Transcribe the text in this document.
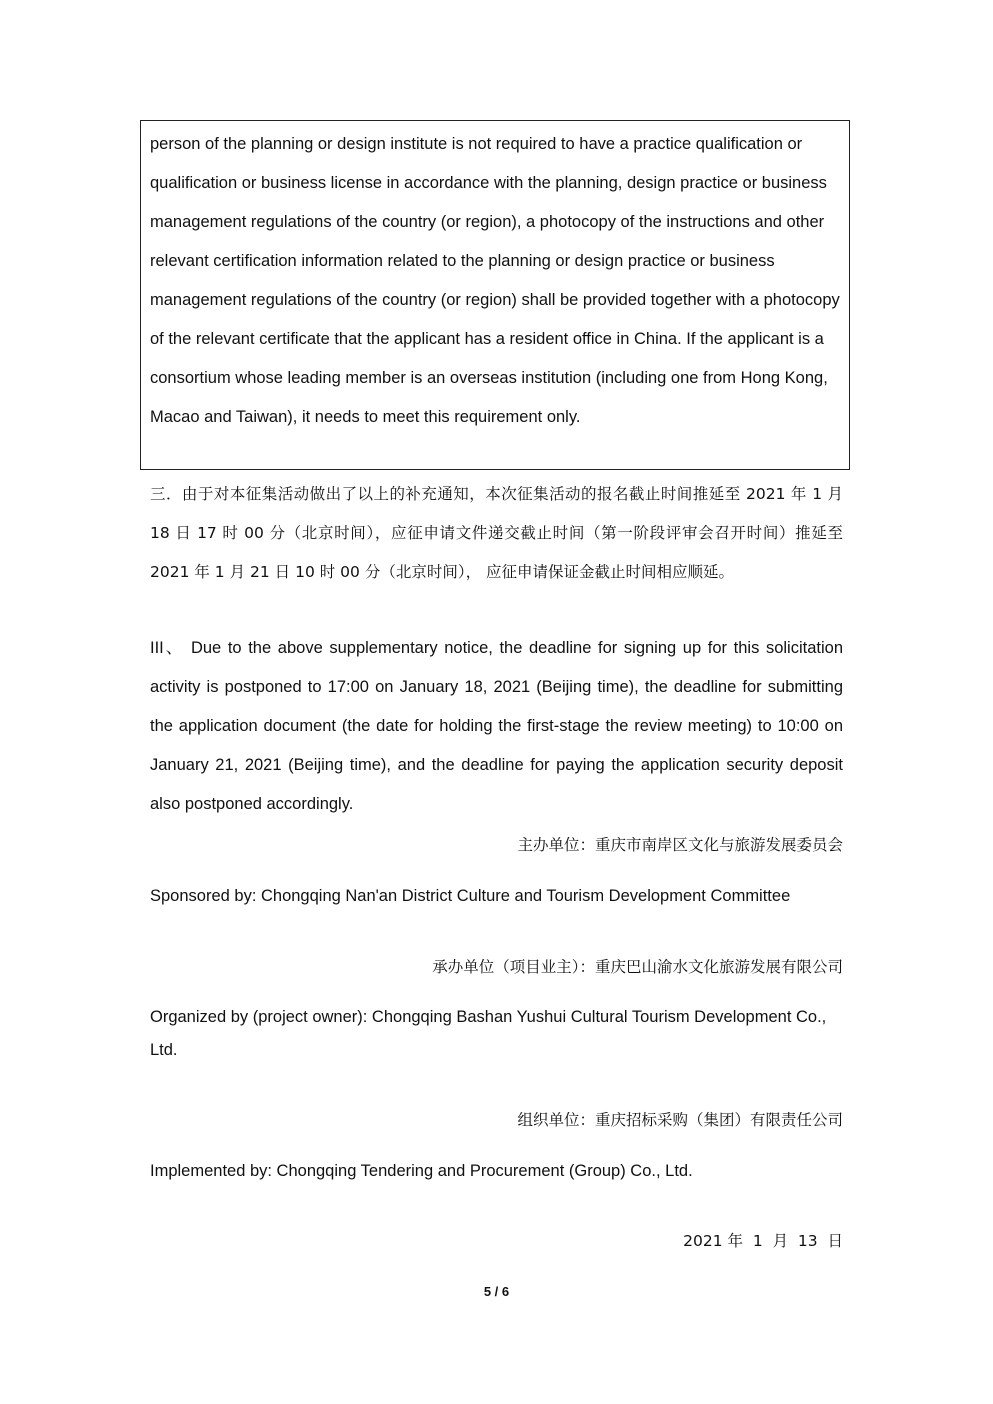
person of the planning or design institute is not required to have a practice qualification or qualification or business license in accordance with the planning, design practice or business management regulations of the country (or region), a photocopy of the instructions and other relevant certification information related to the planning or design practice or business management regulations of the country (or region) shall be provided together with a photocopy of the relevant certificate that the applicant has a resident office in China. If the applicant is a consortium whose leading member is an overseas institution (including one from Hong Kong, Macao and Taiwan), it needs to meet this requirement only.

三．由于对本征集活动做出了以上的补充通知，本次征集活动的报名截止时间推延至 2021 年 1 月 18 日 17 时 00 分（北京时间），应征申请文件递交截止时间（第一阶段评审会召开时间）推延至 2021 年 1 月 21 日 10 时 00 分（北京时间）， 应征申请保证金截止时间相应顺延。

III、 Due to the above supplementary notice, the deadline for signing up for this solicitation activity is postponed to 17:00 on January 18, 2021 (Beijing time), the deadline for submitting the application document (the date for holding the first-stage the review meeting) to 10:00 on January 21, 2021 (Beijing time), and the deadline for paying the application security deposit also postponed accordingly.

主办单位：重庆市南岸区文化与旅游发展委员会

Sponsored by: Chongqing Nan'an District Culture and Tourism Development Committee

承办单位（项目业主）：重庆巴山渝水文化旅游发展有限公司

Organized by (project owner): Chongqing Bashan Yushui Cultural Tourism Development Co., Ltd.

组织单位：重庆招标采购（集团）有限责任公司

Implemented by: Chongqing Tendering and Procurement (Group) Co., Ltd.

2021 年  1  月  13  日

5 / 6
